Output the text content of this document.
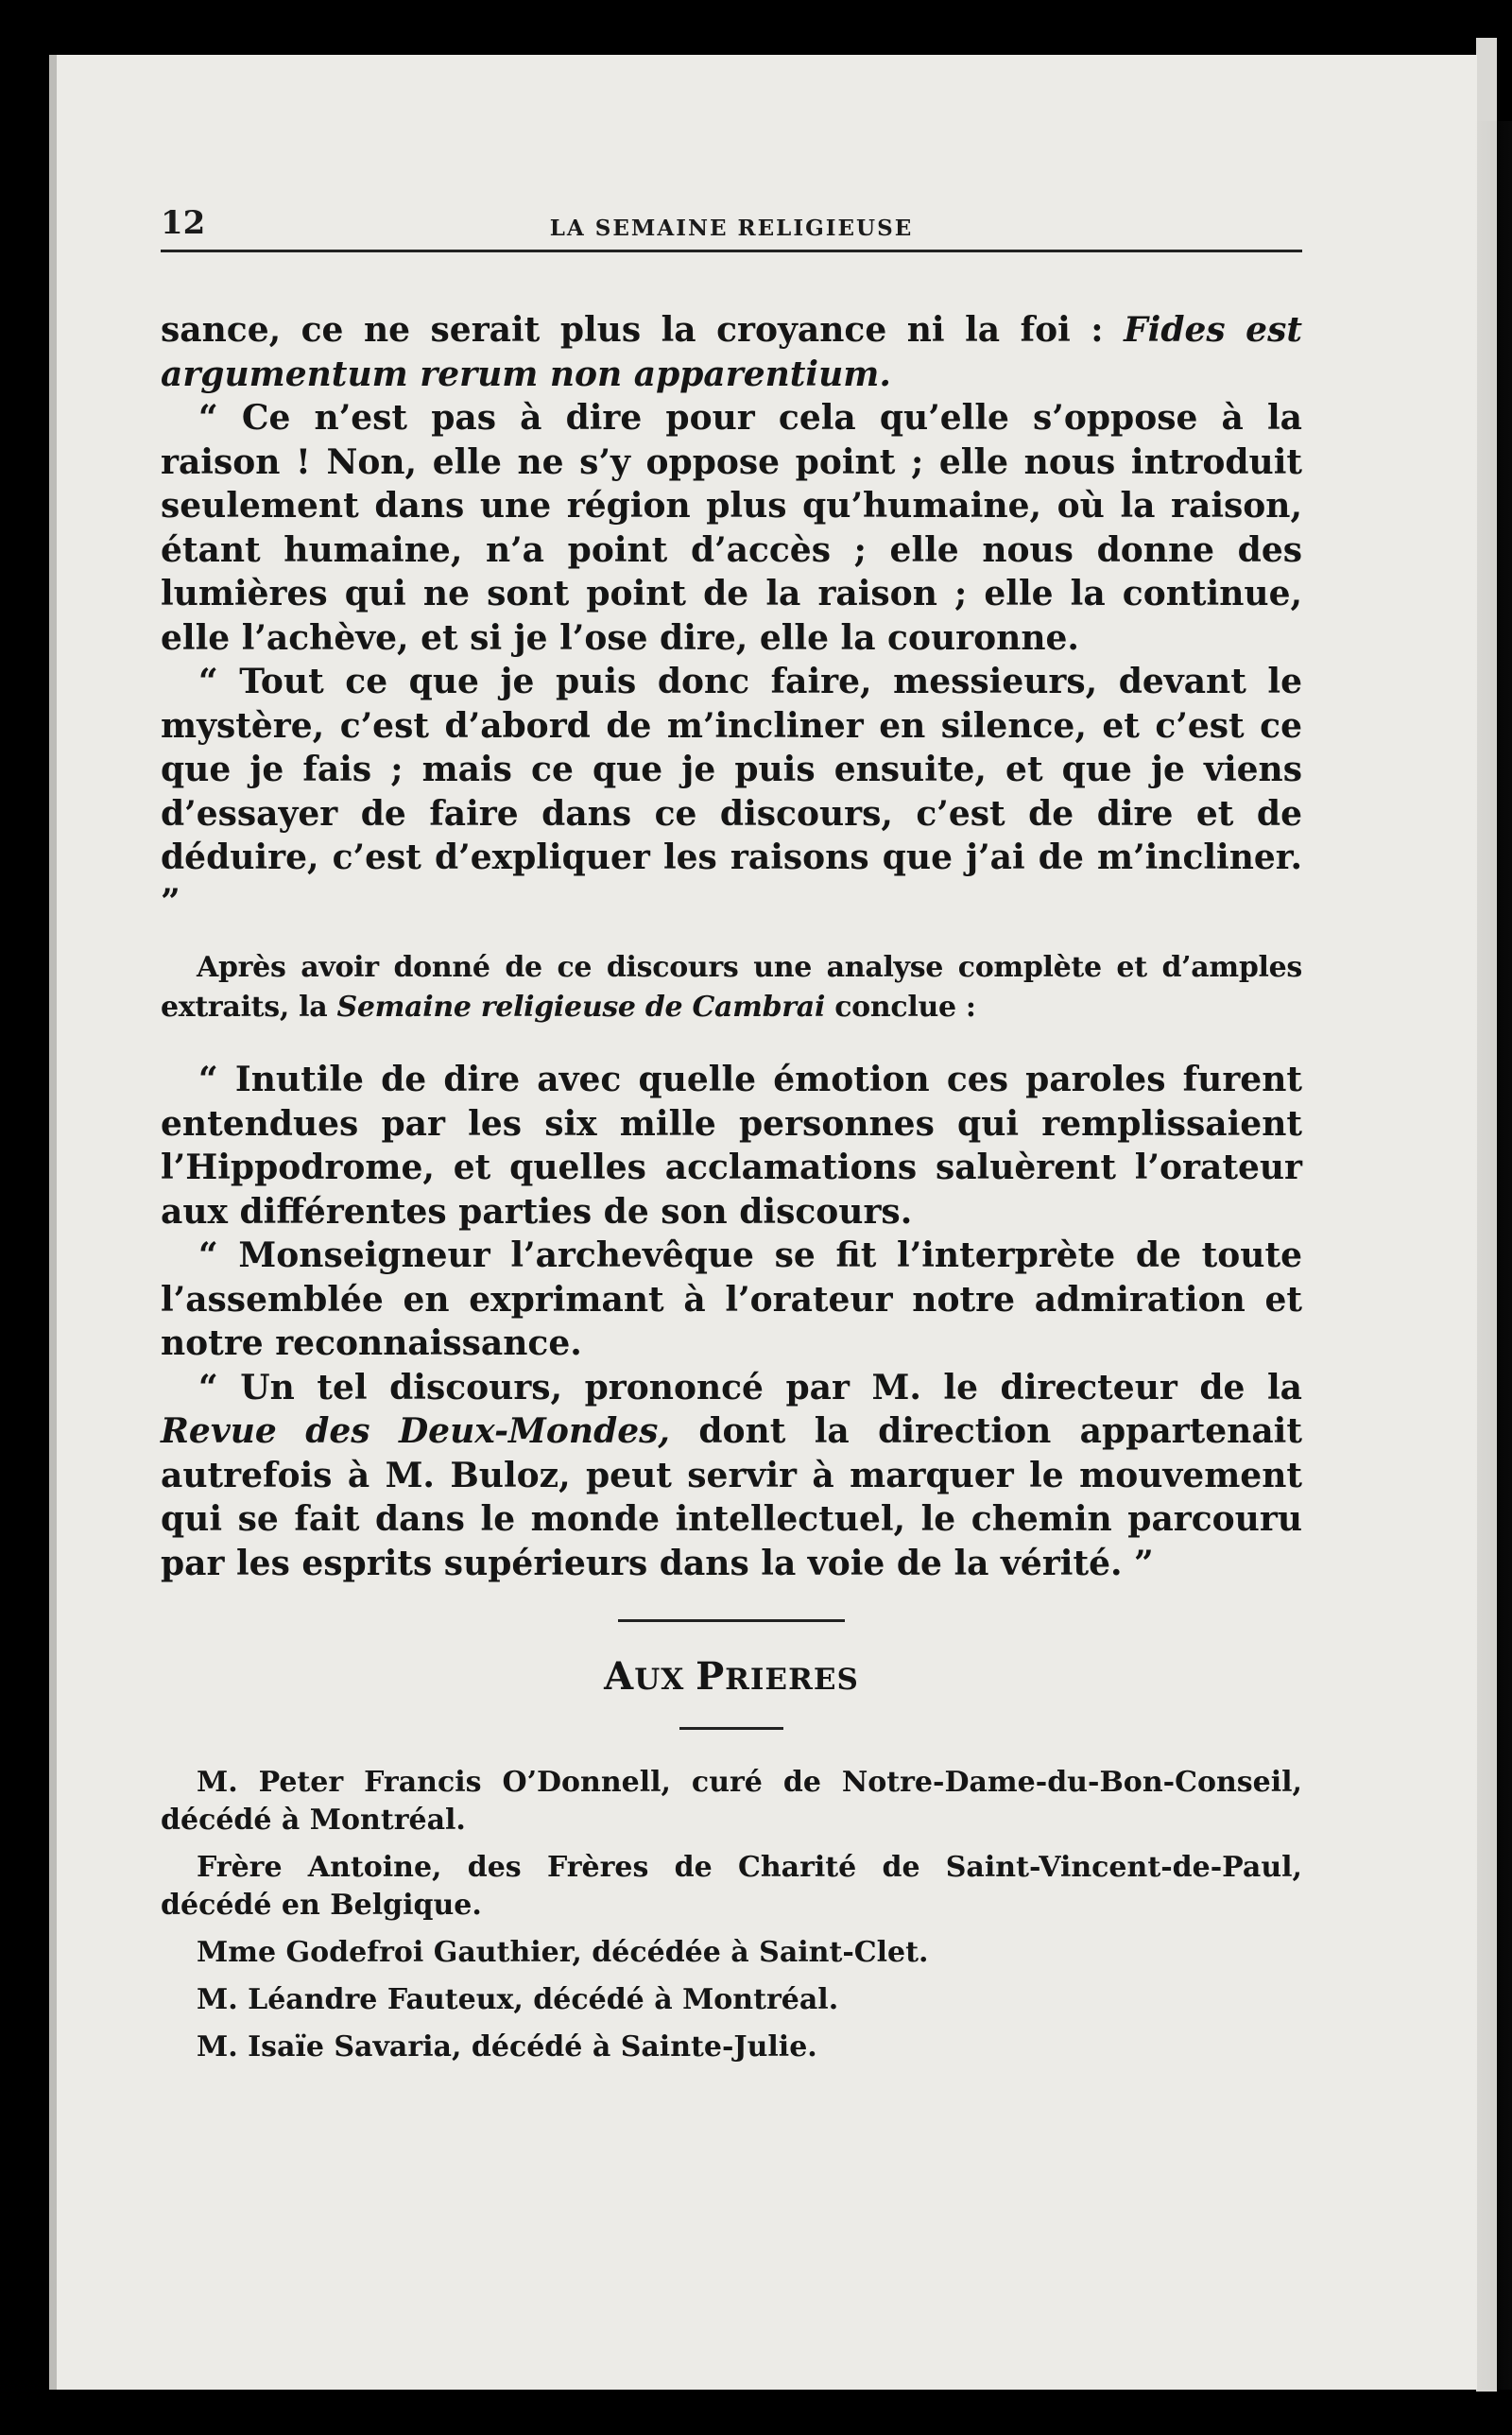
12	LA SEMAINE RELIGIEUSE

sance, ce ne serait plus la croyance ni la foi : Fides est argumentum rerum non apparentium.

“ Ce n’est pas à dire pour cela qu’elle s’oppose à la raison ! Non, elle ne s’y oppose point ; elle nous introduit seulement dans une région plus qu’humaine, où la raison, étant humaine, n’a point d’accès ; elle nous donne des lumières qui ne sont point de la raison ; elle la continue, elle l’achève, et si je l’ose dire, elle la couronne.

“ Tout ce que je puis donc faire, messieurs, devant le mystère, c’est d’abord de m’incliner en silence, et c’est ce que je fais ; mais ce que je puis ensuite, et que je viens d’essayer de faire dans ce discours, c’est de dire et de déduire, c’est d’expliquer les raisons que j’ai de m’incliner. ”

Après avoir donné de ce discours une analyse complète et d’amples extraits, la Semaine religieuse de Cambrai conclue :

“ Inutile de dire avec quelle émotion ces paroles furent entendues par les six mille personnes qui remplissaient l’Hippodrome, et quelles acclamations saluèrent l’orateur aux différentes parties de son discours.

“ Monseigneur l’archevêque se fit l’interprète de toute l’assemblée en exprimant à l’orateur notre admiration et notre reconnaissance.

“ Un tel discours, prononcé par M. le directeur de la Revue des Deux-Mondes, dont la direction appartenait autrefois à M. Buloz, peut servir à marquer le mouvement qui se fait dans le monde intellectuel, le chemin parcouru par les esprits supérieurs dans la voie de la vérité. ”

AUX PRIERES

M. Peter Francis O’Donnell, curé de Notre-Dame-du-Bon-Conseil, décédé à Montréal.

Frère Antoine, des Frères de Charité de Saint-Vincent-de-Paul, décédé en Belgique.

Mme Godefroi Gauthier, décédée à Saint-Clet.

M. Léandre Fauteux, décédé à Montréal.

M. Isaïe Savaria, décédé à Sainte-Julie.
